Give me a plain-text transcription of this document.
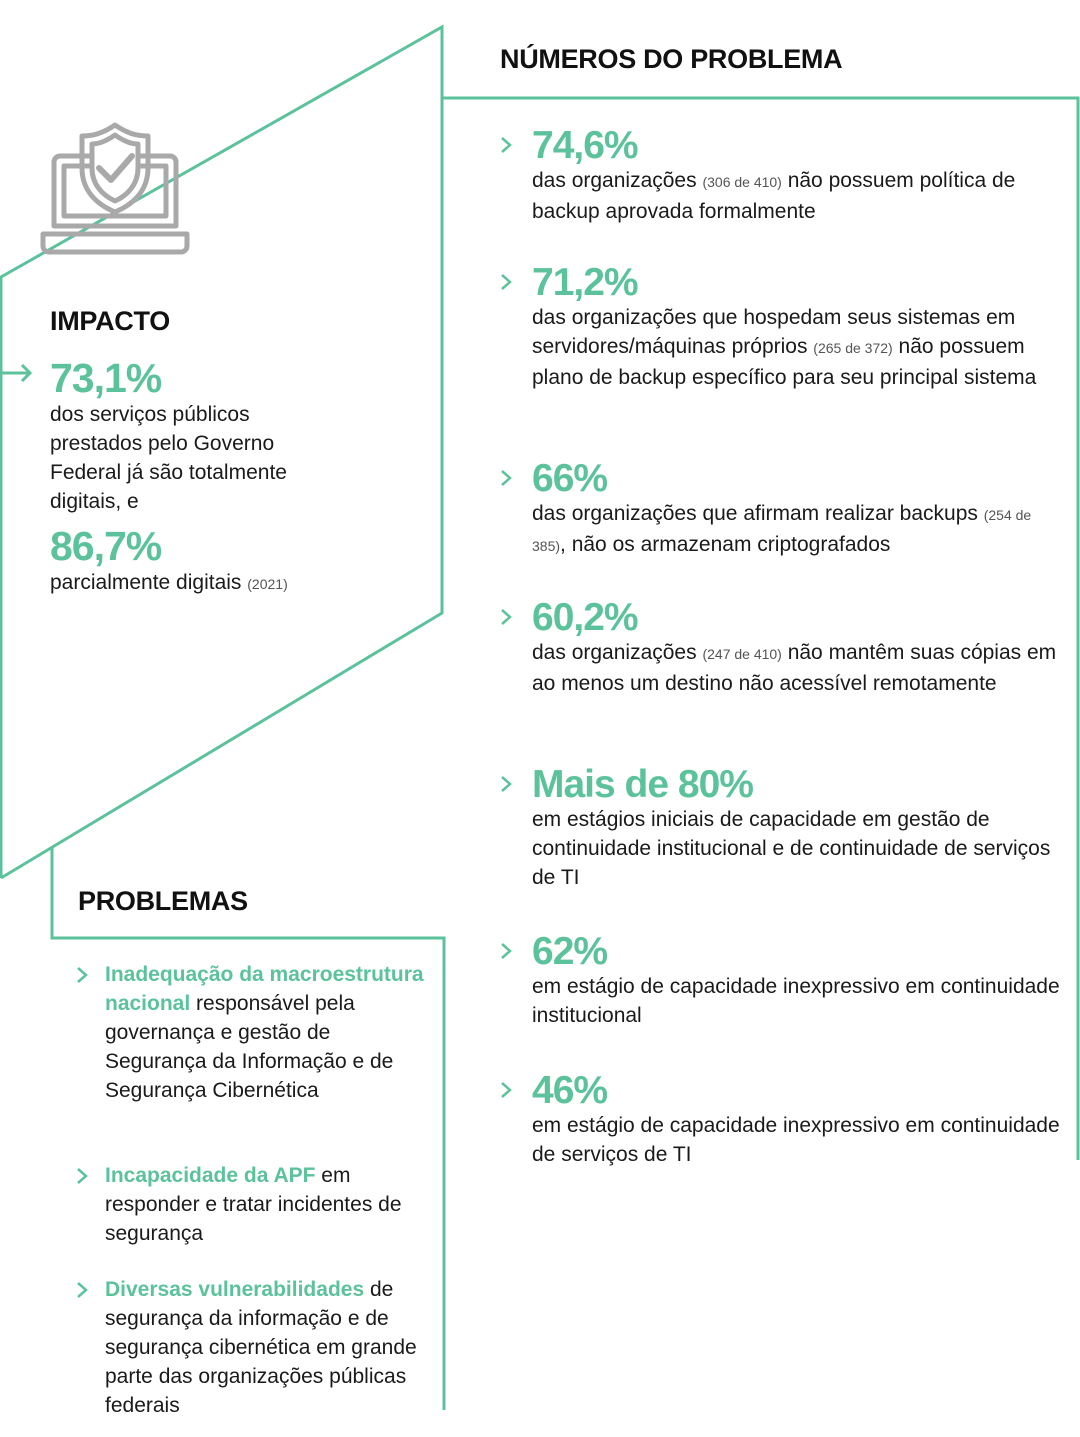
NÚMEROS DO PROBLEMA
74,6%
das organizações (306 de 410) não possuem política de backup aprovada formalmente
71,2%
das organizações que hospedam seus sistemas em servidores/máquinas próprios (265 de 372) não possuem plano de backup específico para seu principal sistema
66%
das organizações que afirmam realizar backups (254 de 385), não os armazenam criptografados
60,2%
das organizações (247 de 410) não mantêm suas cópias em ao menos um destino não acessível remotamente
Mais de 80%
em estágios iniciais de capacidade em gestão de continuidade institucional e de continuidade de serviços de TI
62%
em estágio de capacidade inexpressivo em continuidade institucional
46%
em estágio de capacidade inexpressivo em continuidade de serviços de TI
IMPACTO
73,1%
dos serviços públicos prestados pelo Governo Federal já são totalmente digitais, e
86,7%
parcialmente digitais (2021)
PROBLEMAS
Inadequação da macroestrutura nacional responsável pela governança e gestão de Segurança da Informação e de Segurança Cibernética
Incapacidade da APF em responder e tratar incidentes de segurança
Diversas vulnerabilidades de segurança da informação e de segurança cibernética em grande parte das organizações públicas federais
